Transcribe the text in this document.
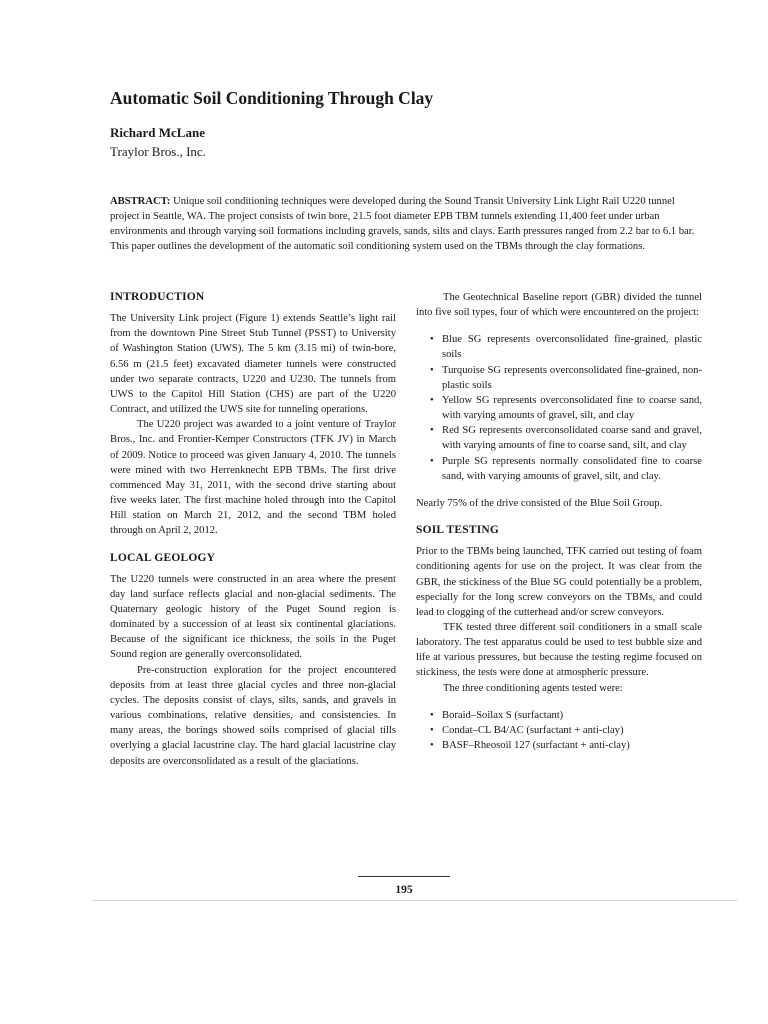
Automatic Soil Conditioning Through Clay
Richard McLane
Traylor Bros., Inc.

ABSTRACT: Unique soil conditioning techniques were developed during the Sound Transit University Link Light Rail U220 tunnel project in Seattle, WA. The project consists of twin bore, 21.5 foot diameter EPB TBM tunnels extending 11,400 feet under urban environments and through varying soil formations including gravels, sands, silts and clays. Earth pressures ranged from 2.2 bar to 6.1 bar. This paper outlines the development of the automatic soil conditioning system used on the TBMs through the clay formations.

INTRODUCTION

The University Link project (Figure 1) extends Seattle’s light rail from the downtown Pine Street Stub Tunnel (PSST) to University of Washington Station (UWS). The 5 km (3.15 mi) of twin-bore, 6.56 m (21.5 feet) excavated diameter tunnels were constructed under two separate contracts, U220 and U230. The tunnels from UWS to the Capitol Hill Station (CHS) are part of the U220 Contract, and utilized the UWS site for tunneling operations.

The U220 project was awarded to a joint venture of Traylor Bros., Inc. and Frontier-Kemper Constructors (TFK JV) in March of 2009. Notice to proceed was given January 4, 2010. The tunnels were mined with two Herrenknecht EPB TBMs. The first drive commenced May 31, 2011, with the second drive starting about five weeks later. The first machine holed through into the Capitol Hill station on March 21, 2012, and the second TBM holed through on April 2, 2012.

LOCAL GEOLOGY

The U220 tunnels were constructed in an area where the present day land surface reflects glacial and non-glacial sediments. The Quaternary geologic history of the Puget Sound region is dominated by a succession of at least six continental glaciations. Because of the significant ice thickness, the soils in the Puget Sound region are generally overconsolidated.

Pre-construction exploration for the project encountered deposits from at least three glacial cycles and three non-glacial cycles. The deposits consist of clays, silts, sands, and gravels in various combinations, relative densities, and consistencies. In many areas, the borings showed soils comprised of glacial tills overlying a glacial lacustrine clay. The hard glacial lacustrine clay deposits are overconsolidated as a result of the glaciations.

The Geotechnical Baseline report (GBR) divided the tunnel into five soil types, four of which were encountered on the project:

• Blue SG represents overconsolidated fine-grained, plastic soils
• Turquoise SG represents overconsolidated fine-grained, non-plastic soils
• Yellow SG represents overconsolidated fine to coarse sand, with varying amounts of gravel, silt, and clay
• Red SG represents overconsolidated coarse sand and gravel, with varying amounts of fine to coarse sand, silt, and clay
• Purple SG represents normally consolidated fine to coarse sand, with varying amounts of gravel, silt, and clay.

Nearly 75% of the drive consisted of the Blue Soil Group.

SOIL TESTING

Prior to the TBMs being launched, TFK carried out testing of foam conditioning agents for use on the project. It was clear from the GBR, the stickiness of the Blue SG could potentially be a problem, especially for the long screw conveyors on the TBMs, and could lead to clogging of the cutterhead and/or screw conveyors.

TFK tested three different soil conditioners in a small scale laboratory. The test apparatus could be used to test bubble size and life at various pressures, but because the testing regime focused on stickiness, the tests were done at atmospheric pressure.

The three conditioning agents tested were:

• Boraid–Soilax S (surfactant)
• Condat–CL B4/AC (surfactant + anti-clay)
• BASF–Rheosoil 127 (surfactant + anti-clay)
195
